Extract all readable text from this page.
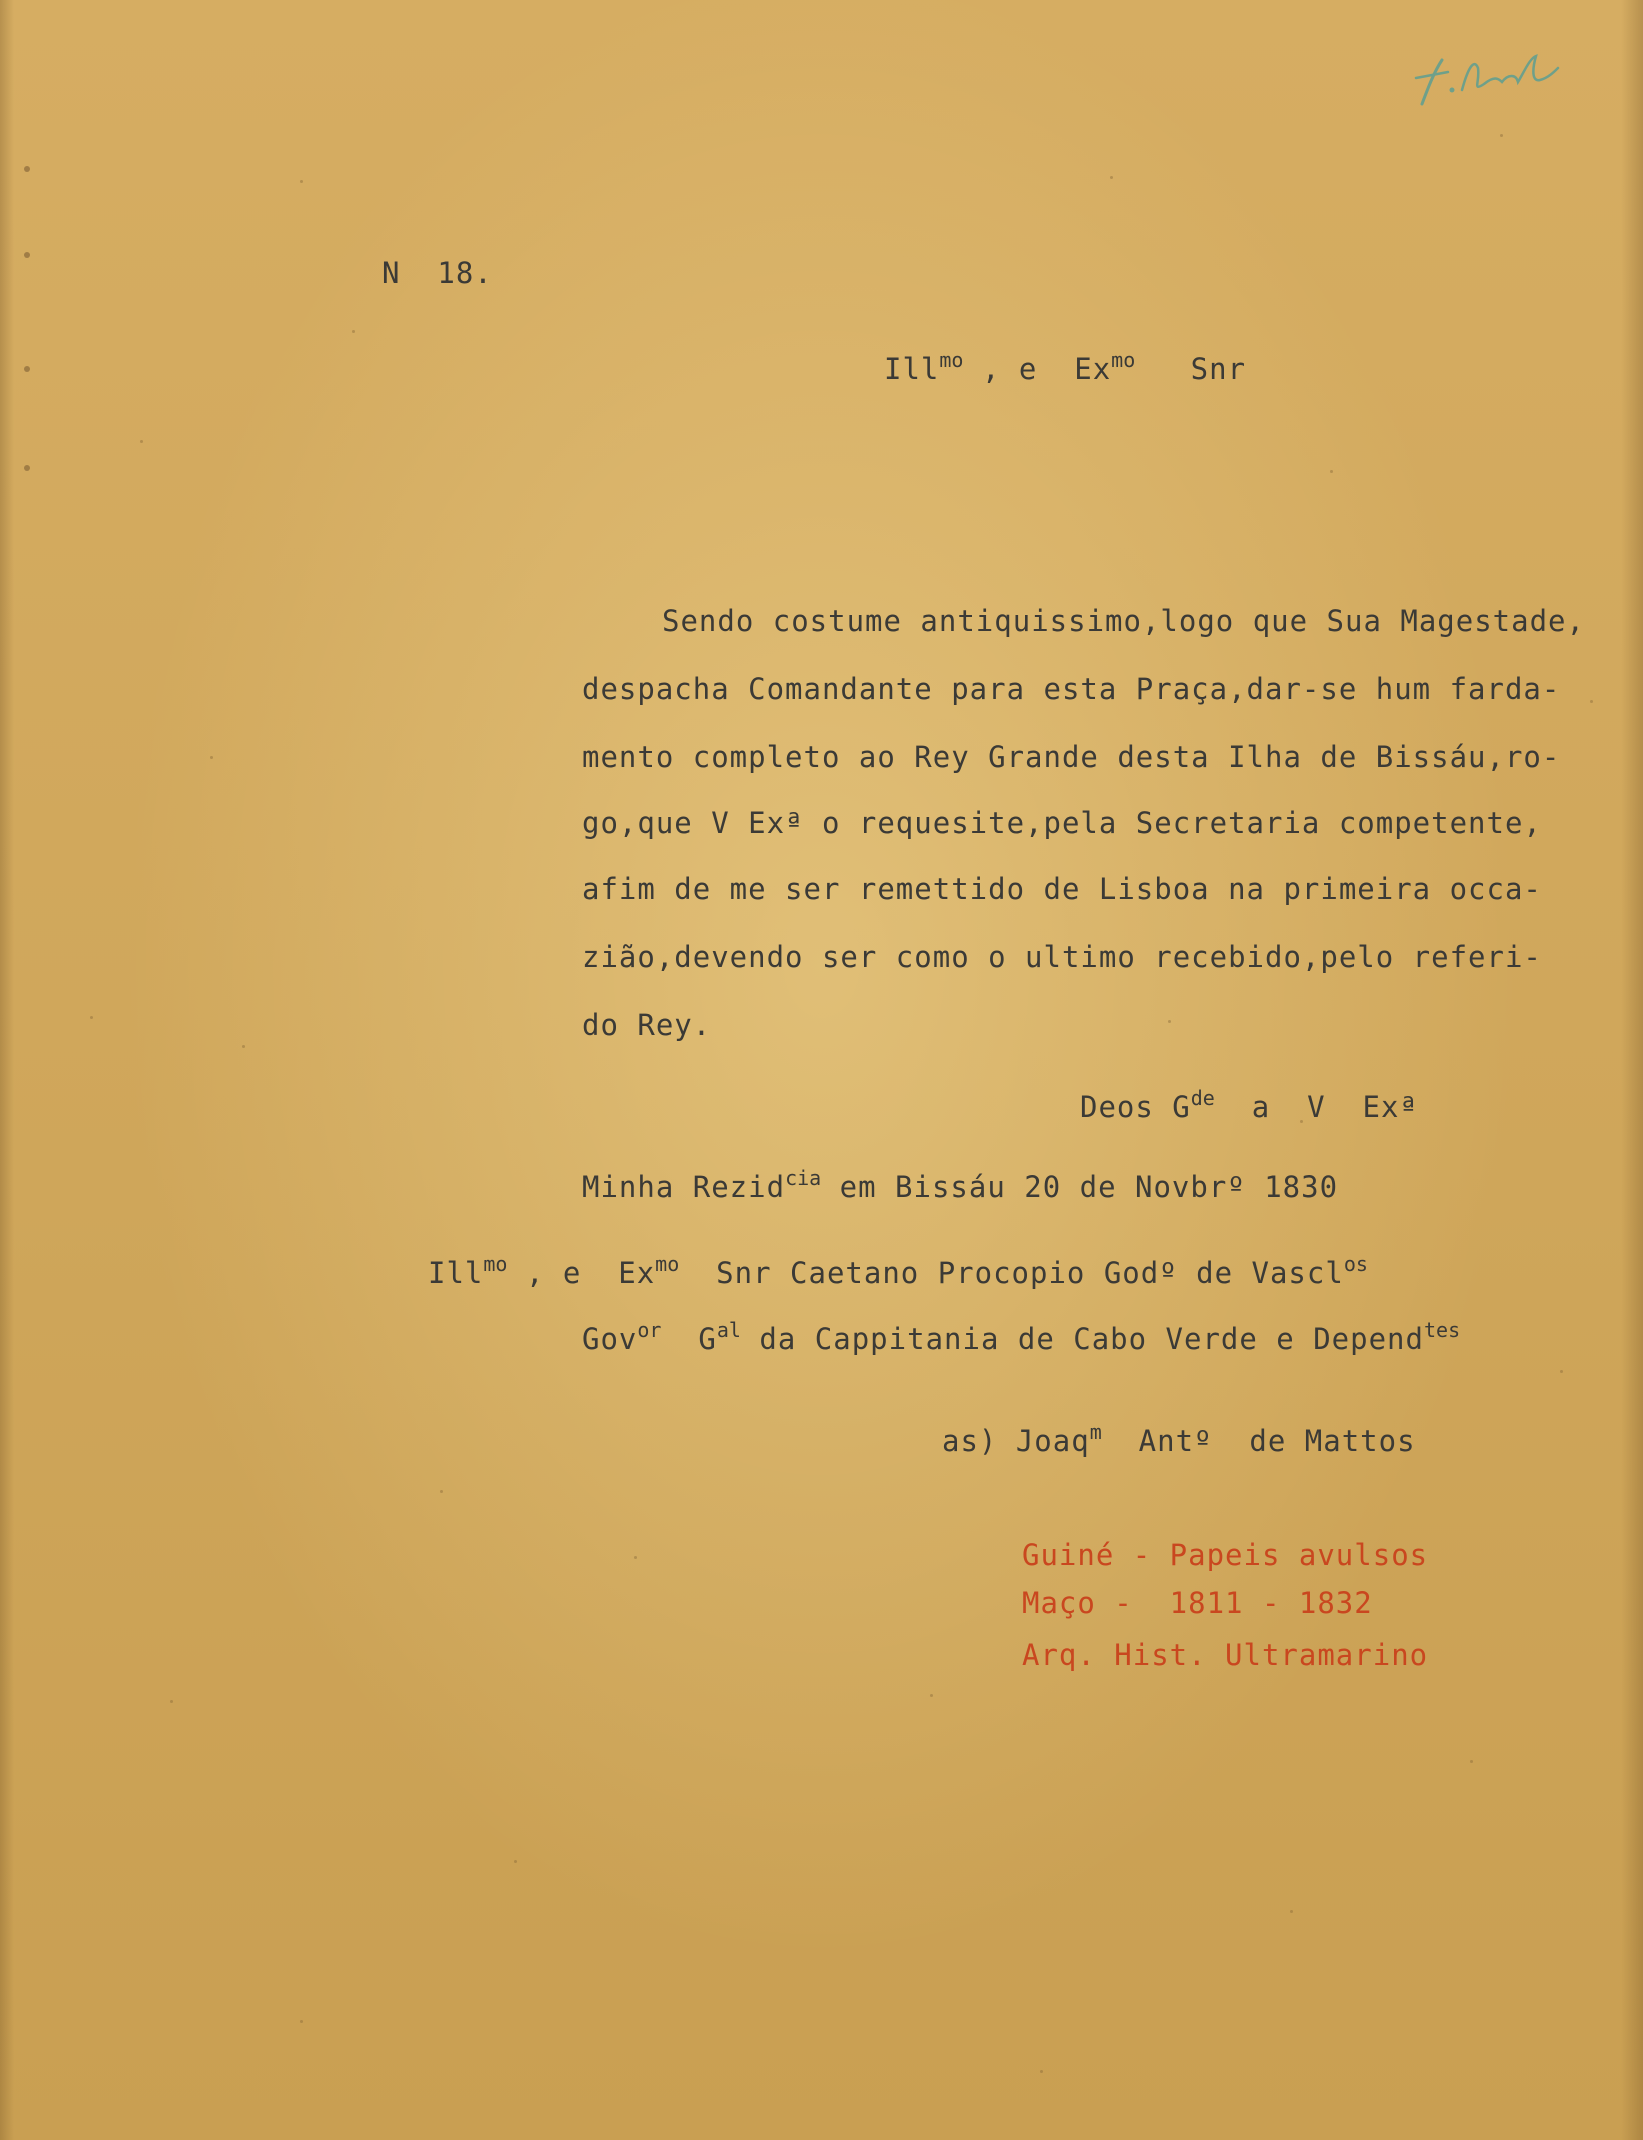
N  18.
Ill$^{mo}$ , e  $Ex^{mo}$   Snr
Sendo costume antiquissimo,logo que Sua Magestade,
despacha Comandante para esta Praça,dar-se hum fardа-
mento completo ao Rey Grande desta Ilha de Bissáu,ro-
go,que V Exª o requesite,pela Secretaria competente,
afim de me ser remettido de Lisboa na primeira occa-
zião,devendo ser como o ultimo recebido,pelo referi-
do Rey.
Deos $G^{de}$  a  V  Exª
Minha Rezid$^{cia}$ em Bissáu 20 de Novbrº 1830
Ill$^{mo}$ , e  $Ex^{mo}$  Snr Caetano Procopio Godº de Vascl$^{os}$
Gov$^{or}$  $G^{al}$ da Cappitania de Cabo Verde e Depend$^{tes}$
as) Joaq$^m$  Antº  de Mattos
Guiné - Papeis avulsos
Maço -  1811 - 1832
Arq. Hist. Ultramarino
